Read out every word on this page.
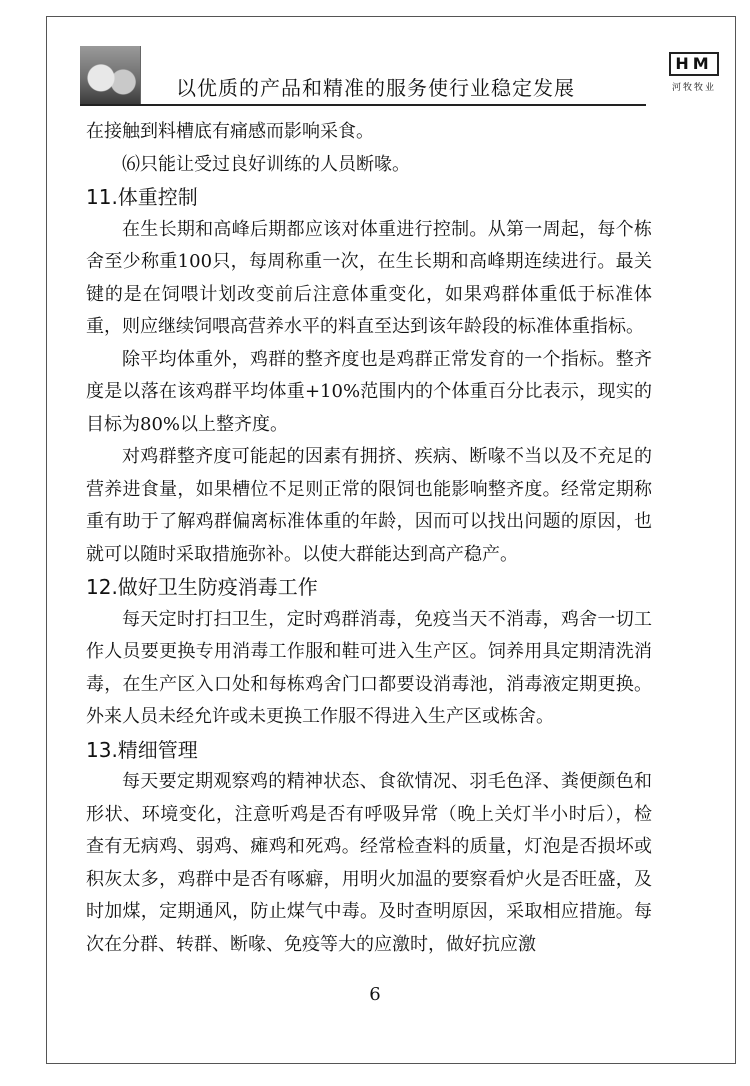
以优质的产品和精准的服务使行业稳定发展
HM
河牧牧业

在接触到料槽底有痛感而影响采食。

⑹只能让受过良好训练的人员断喙。

11.体重控制

在生长期和高峰后期都应该对体重进行控制。从第一周起，每个栋舍至少称重100只，每周称重一次，在生长期和高峰期连续进行。最关键的是在饲喂计划改变前后注意体重变化，如果鸡群体重低于标准体重，则应继续饲喂高营养水平的料直至达到该年龄段的标准体重指标。

除平均体重外，鸡群的整齐度也是鸡群正常发育的一个指标。整齐度是以落在该鸡群平均体重+10%范围内的个体重百分比表示，现实的目标为80%以上整齐度。

对鸡群整齐度可能起的因素有拥挤、疾病、断喙不当以及不充足的营养进食量，如果槽位不足则正常的限饲也能影响整齐度。经常定期称重有助于了解鸡群偏离标准体重的年龄，因而可以找出问题的原因，也就可以随时采取措施弥补。以使大群能达到高产稳产。

12.做好卫生防疫消毒工作

每天定时打扫卫生，定时鸡群消毒，免疫当天不消毒，鸡舍一切工作人员要更换专用消毒工作服和鞋可进入生产区。饲养用具定期清洗消毒，在生产区入口处和每栋鸡舍门口都要设消毒池，消毒液定期更换。外来人员未经允许或未更换工作服不得进入生产区或栋舍。

13.精细管理

每天要定期观察鸡的精神状态、食欲情况、羽毛色泽、粪便颜色和形状、环境变化，注意听鸡是否有呼吸异常（晚上关灯半小时后），检查有无病鸡、弱鸡、瘫鸡和死鸡。经常检查料的质量，灯泡是否损坏或积灰太多，鸡群中是否有啄癖，用明火加温的要察看炉火是否旺盛，及时加煤，定期通风，防止煤气中毒。及时查明原因，采取相应措施。每次在分群、转群、断喙、免疫等大的应激时，做好抗应激

6
